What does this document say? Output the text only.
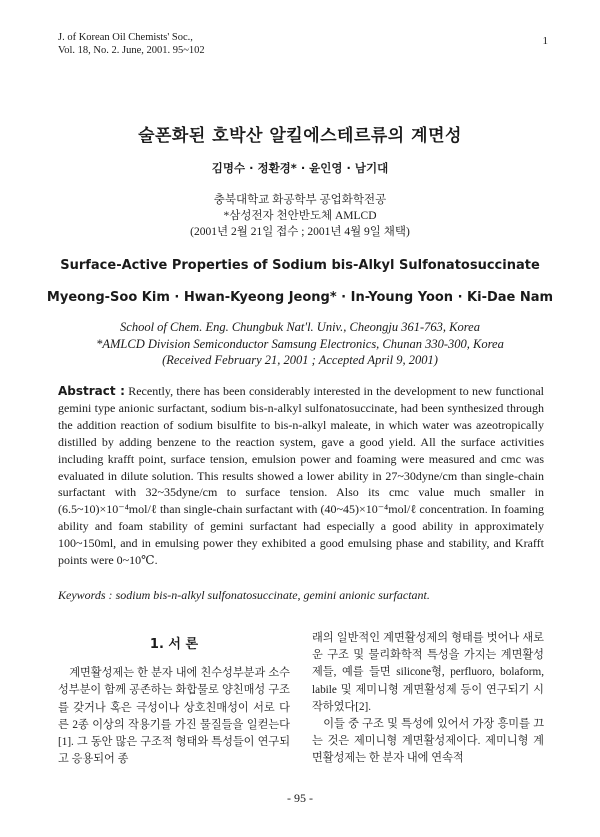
J. of Korean Oil Chemists' Soc.,
Vol. 18, No. 2. June, 2001. 95~102
1
술폰화된 호박산 알킬에스테르류의 계면성
김명수 · 정환경* · 윤인영 · 남기대
충북대학교 화공학부 공업화학전공
*삼성전자 천안반도체 AMLCD
(2001년 2월 21일 접수 ; 2001년 4월 9일 채택)
Surface-Active Properties of Sodium bis-Alkyl Sulfonatosuccinate
Myeong-Soo Kim · Hwan-Kyeong Jeong* · In-Young Yoon · Ki-Dae Nam
School of Chem. Eng. Chungbuk Nat'l. Univ., Cheongju 361-763, Korea
*AMLCD Division Semiconductor Samsung Electronics, Chunan 330-300, Korea
(Received February 21, 2001 ; Accepted April 9, 2001)
Abstract : Recently, there has been considerably interested in the development to new functional gemini type anionic surfactant, sodium bis-n-alkyl sulfonatosuccinate, had been synthesized through the addition reaction of sodium bisulfite to bis-n-alkyl maleate, in which water was azeotropically distilled by adding benzene to the reaction system, gave a good yield. All the surface activities including krafft point, surface tension, emulsion power and foaming were measured and cmc was evaluated in dilute solution. This results showed a lower ability in 27~30dyne/cm than single-chain surfactant with 32~35dyne/cm to surface tension. Also its cmc value much smaller in (6.5~10)×10⁻⁴mol/ℓ than single-chain surfactant with (40~45)×10⁻⁴mol/ℓ concentration. In foaming ability and foam stability of gemini surfactant had especially a good ability in approximately 100~150ml, and in emulsing power they exhibited a good emulsing phase and stability, and Krafft points were 0~10℃.
Keywords : sodium bis-n-alkyl sulfonatosuccinate, gemini anionic surfactant.
1. 서 론

계면활성제는 한 분자 내에 친수성부분과 소수성부분이 함께 공존하는 화합물로 양친매성 구조를 갖거나 혹은 극성이나 상호친매성이 서로 다른 2종 이상의 작용기를 가진 물질들을 일컫는다[1]. 그 동안 많은 구조적 형태와 특성들이 연구되고 응용되어 종

래의 일반적인 계면활성제의 형태를 벗어나 새로운 구조 및 물리화학적 특성을 가지는 계면활성제들, 예를 들면 silicone형, perfluoro, bolaform, labile 및 제미니형 계면활성제 등이 연구되기 시작하였다[2].

이들 중 구조 및 특성에 있어서 가장 흥미를 끄는 것은 제미니형 계면활성제이다. 제미니형 계면활성제는 한 분자 내에 연속적

- 95 -
